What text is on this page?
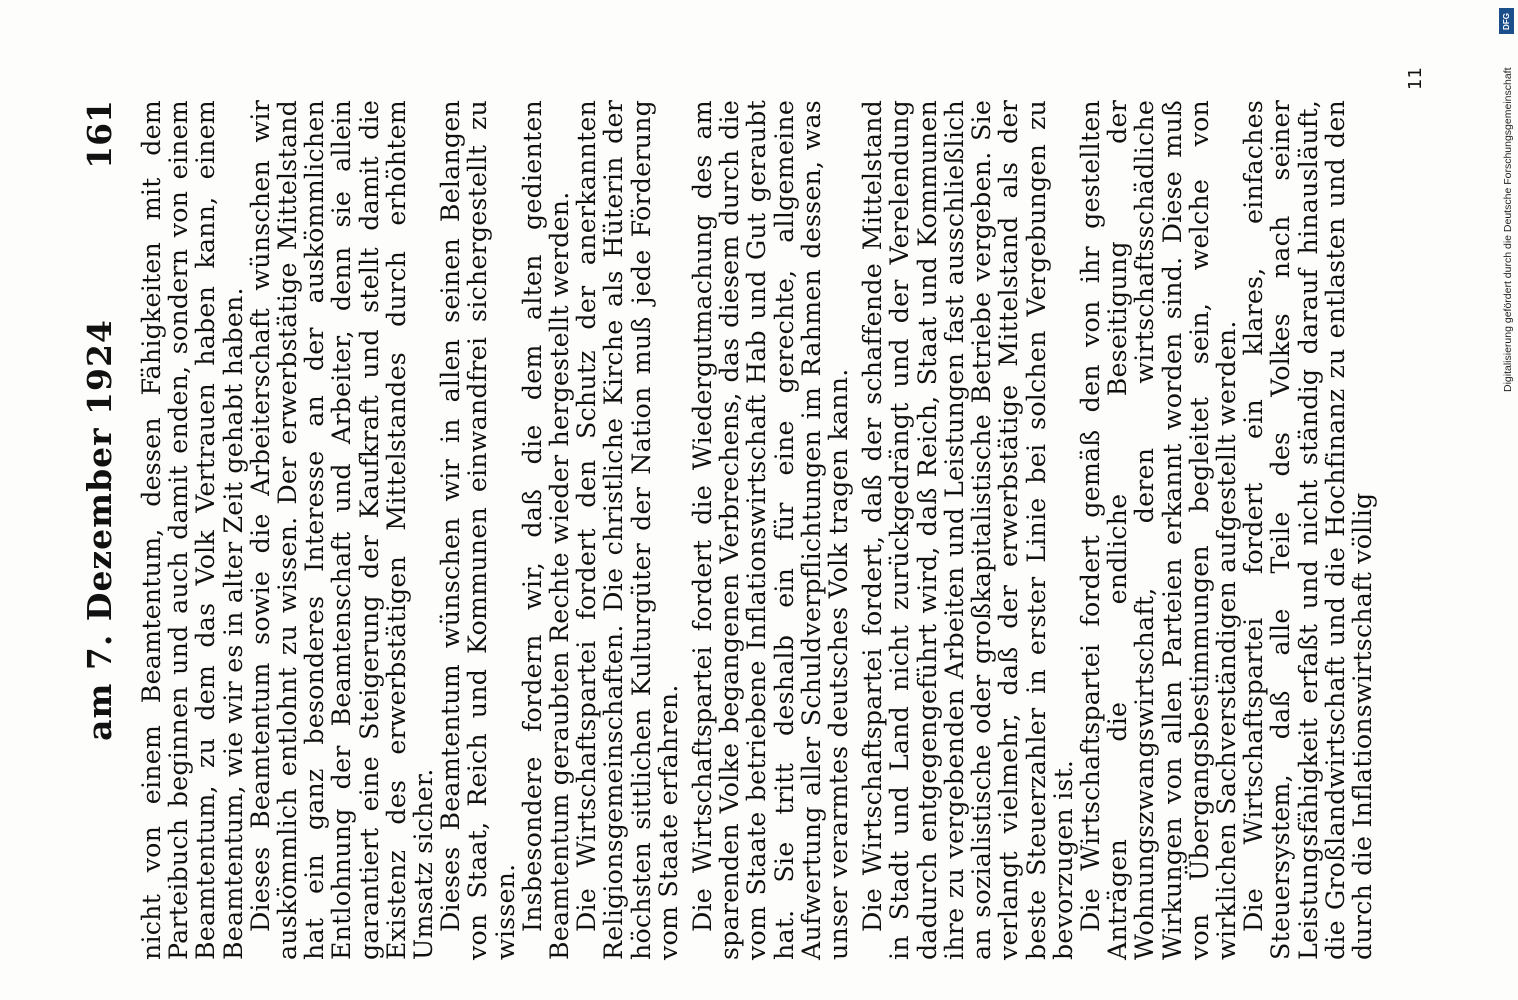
am 7. Dezember 1924
161 nicht von einem Beamtentum, dessen Fähigkeiten mit dem Parteibuch beginnen und auch damit enden, sondern von einem Beamtentum, zu dem das Volk Vertrauen haben kann, einem Beamtentum, wie wir es in alter Zeit gehabt haben.

Dieses Beamtentum sowie die Arbeiterschaft wünschen wir auskömmlich entlohnt zu wissen. Der erwerbstätige Mittelstand hat ein ganz besonderes Interesse an der auskömmlichen Entlohnung der Beamtenschaft und Arbeiter, denn sie allein garantiert eine Steigerung der Kaufkraft und stellt damit die Existenz des erwerbstätigen Mittelstandes durch erhöhtem Umsatz sicher.

Dieses Beamtentum wünschen wir in allen seinen Belangen von Staat, Reich und Kommunen einwandfrei sichergestellt zu wissen.

Insbesondere fordern wir, daß die dem alten gedienten Beamtentum geraubten Rechte wieder hergestellt werden.

Die Wirtschaftspartei fordert den Schutz der anerkannten Religionsgemeinschaften. Die christliche Kirche als Hüterin der höchsten sittlichen Kulturgüter der Nation muß jede Förderung vom Staate erfahren. Die Wirtschaftspartei fordert die Wiedergutmachung des am sparenden Volke begangenen Verbrechens, das diesem durch die vom Staate betriebene Inflationswirtschaft Hab und Gut geraubt hat. Sie tritt deshalb ein für eine gerechte, allgemeine Aufwertung aller Schuldverpflichtungen im Rahmen dessen, was unser verarmtes deutsches Volk tragen kann. Die Wirtschaftspartei fordert, daß der schaffende Mittelstand in Stadt und Land nicht zurückgedrängt und der Verelendung dadurch entgegengeführt wird, daß Reich, Staat und Kommunen ihre zu vergebenden Arbeiten und Leistungen fast ausschließlich an sozialistische oder großkapitalistische Betriebe vergeben. Sie verlangt vielmehr, daß der erwerbstätige Mittelstand als der beste Steuerzahler in erster Linie bei solchen Vergebungen zu bevorzugen ist.

Die Wirtschaftspartei fordert gemäß den von ihr gestellten Anträgen die endliche Beseitigung der Wohnungszwangswirtschaft, deren wirtschaftsschädliche Wirkungen von allen Parteien erkannt worden sind. Diese muß von Übergangsbestimmungen begleitet sein, welche von wirklichen Sachverständigen aufgestellt werden.

Die Wirtschaftspartei fordert ein klares, einfaches Steuersystem, daß alle Teile des Volkes nach seiner Leistungsfähigkeit erfaßt und nicht ständig darauf hinausläuft, die Großlandwirtschaft und die Hochfinanz zu entlasten und den durch die Inflationswirtschaft völlig

11
DFG
Digitalisierung gefördert durch die Deutsche Forschungsgemeinschaft
